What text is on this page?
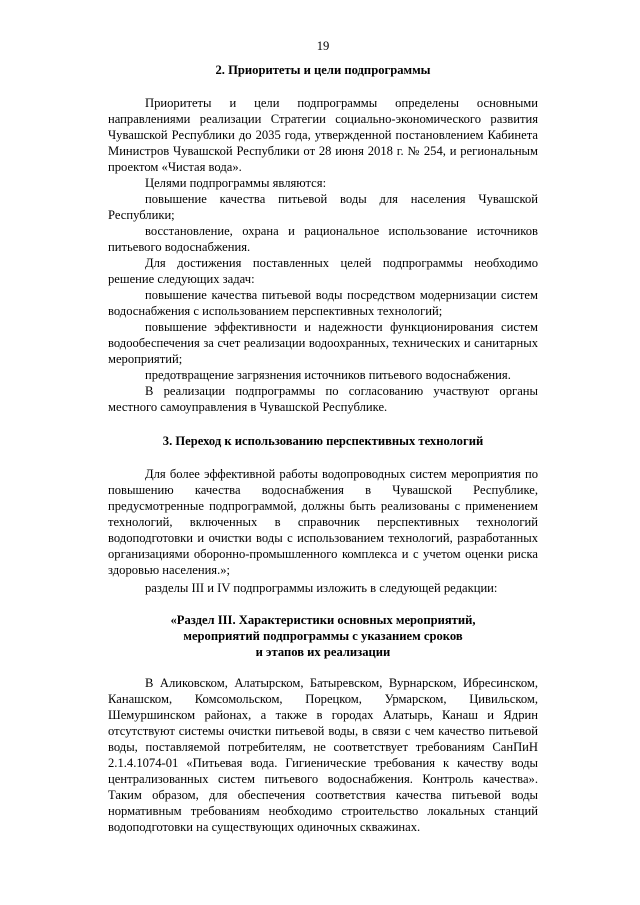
19
2. Приоритеты и цели подпрограммы

Приоритеты и цели подпрограммы определены основными направлениями реализации Стратегии социально-экономического развития Чувашской Республики до 2035 года, утвержденной постановлением Кабинета Министров Чувашской Республики от 28 июня 2018 г. № 254, и региональным проектом «Чистая вода».

Целями подпрограммы являются:

повышение качества питьевой воды для населения Чувашской Республики;

восстановление, охрана и рациональное использование источников питьевого водоснабжения.

Для достижения поставленных целей подпрограммы необходимо решение следующих задач:

повышение качества питьевой воды посредством модернизации систем водоснабжения с использованием перспективных технологий;

повышение эффективности и надежности функционирования систем водообеспечения за счет реализации водоохранных, технических и санитарных мероприятий;

предотвращение загрязнения источников питьевого водоснабжения.

В реализации подпрограммы по согласованию участвуют органы местного самоуправления в Чувашской Республике.

3. Переход к использованию перспективных технологий

Для более эффективной работы водопроводных систем мероприятия по повышению качества водоснабжения в Чувашской Республике, предусмотренные подпрограммой, должны быть реализованы с применением технологий, включенных в справочник перспективных технологий водоподготовки и очистки воды с использованием технологий, разработанных организациями оборонно-промышленного комплекса и с учетом оценки риска здоровью населения.»;

разделы III и IV подпрограммы изложить в следующей редакции:

«Раздел III. Характеристики основных мероприятий,
мероприятий подпрограммы с указанием сроков
и этапов их реализации

В Аликовском, Алатырском, Батыревском, Вурнарском, Ибресинском, Канашском, Комсомольском, Порецком, Урмарском, Цивильском, Шемуршинском районах, а также в городах Алатырь, Канаш и Ядрин отсутствуют системы очистки питьевой воды, в связи с чем качество питьевой воды, поставляемой потребителям, не соответствует требованиям СанПиН 2.1.4.1074-01 «Питьевая вода. Гигиенические требования к качеству воды централизованных систем питьевого водоснабжения. Контроль качества». Таким образом, для обеспечения соответствия качества питьевой воды нормативным требованиям необходимо строительство локальных станций водоподготовки на существующих одиночных скважинах.
